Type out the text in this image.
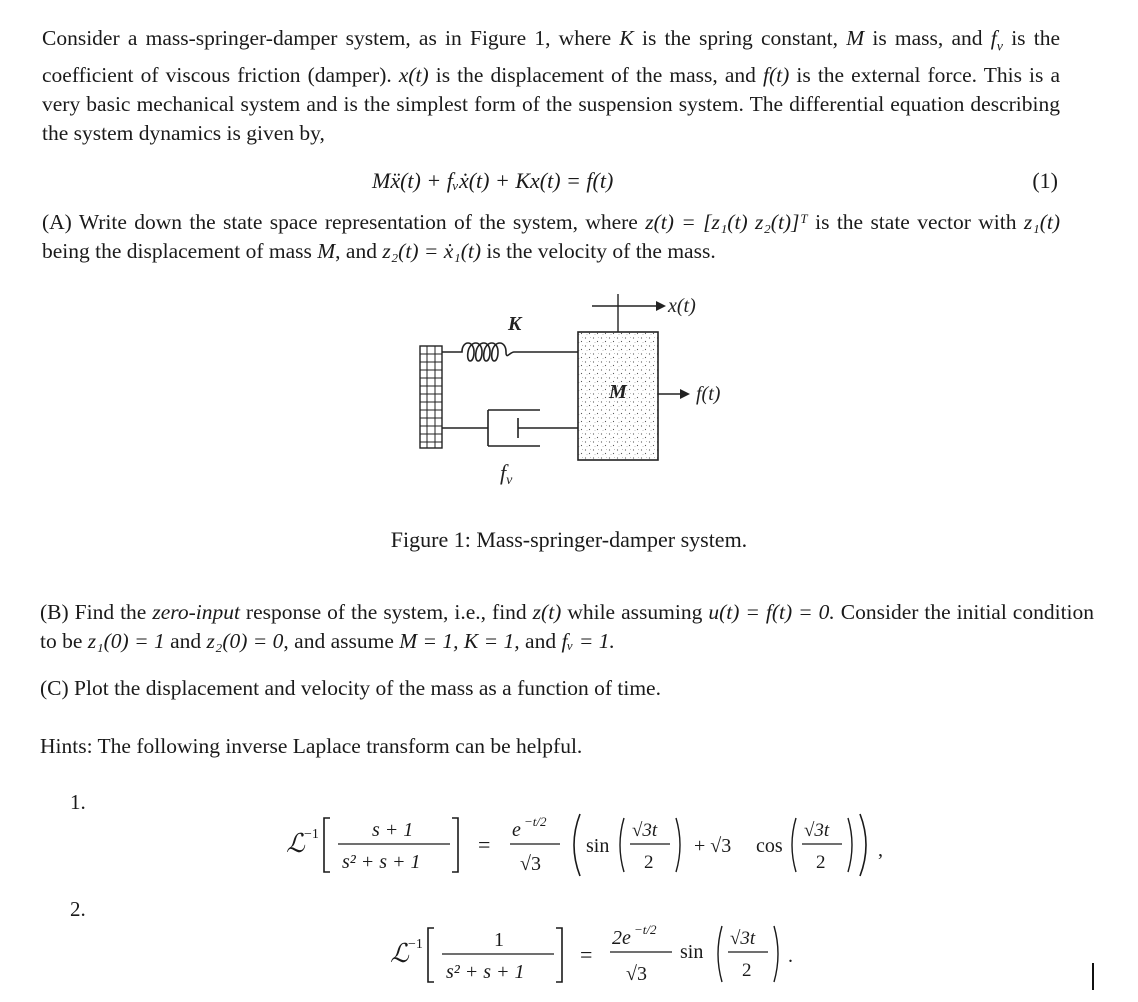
Consider a mass-springer-damper system, as in Figure 1, where K is the spring constant, M is mass, and $f_v$ is the coefficient of viscous friction (damper). x(t) is the displacement of the mass, and f(t) is the external force. This is a very basic mechanical system and is the simplest form of the suspension system. The differential equation describing the system dynamics is given by,
Mẍ(t) + fᵥẋ(t) + Kx(t) = f(t)	(1)
(A) Write down the state space representation of the system, where z(t) = [z₁(t) z₂(t)]ᵀ is the state vector with z₁(t) being the displacement of mass M, and z₂(t) = ẋ₁(t) is the velocity of the mass.
K
M
x(t)
f(t)
fv
Figure 1: Mass-springer-damper system.
(B) Find the zero-input response of the system, i.e., find z(t) while assuming u(t) = f(t) = 0. Consider the initial condition to be z₁(0) = 1 and z₂(0) = 0, and assume M = 1, K = 1, and fᵥ = 1.
(C) Plot the displacement and velocity of the mass as a function of time.
Hints: The following inverse Laplace transform can be helpful.
1.
2.
ℒ −1	s + 1
s² + s + 1
=
e −t/2
√3
sin
√3t
2
+ √3 cos
√3t
2
,
ℒ −1	1
s² + s + 1
=
2e −t/2
√3
sin
√3t
2
.
